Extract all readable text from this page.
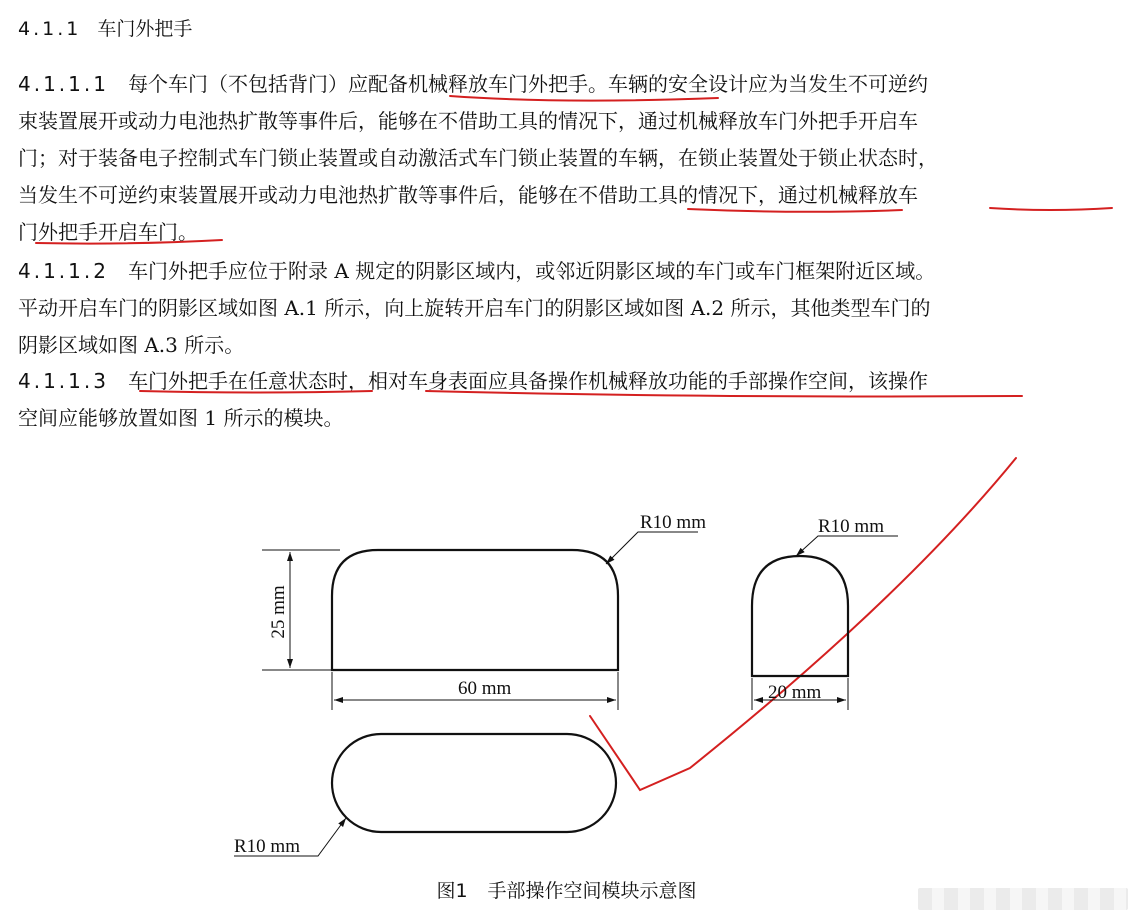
4.1.1 车门外把手
4.1.1.1 每个车门（不包括背门）应配备机械释放车门外把手。车辆的安全设计应为当发生不可逆约
束装置展开或动力电池热扩散等事件后，能够在不借助工具的情况下，通过机械释放车门外把手开启车
门；对于装备电子控制式车门锁止装置或自动激活式车门锁止装置的车辆，在锁止装置处于锁止状态时，
当发生不可逆约束装置展开或动力电池热扩散等事件后，能够在不借助工具的情况下，通过机械释放车
门外把手开启车门。
4.1.1.2 车门外把手应位于附录 A 规定的阴影区域内，或邻近阴影区域的车门或车门框架附近区域。
平动开启车门的阴影区域如图 A.1 所示，向上旋转开启车门的阴影区域如图 A.2 所示，其他类型车门的
阴影区域如图 A.3 所示。
4.1.1.3 车门外把手在任意状态时，相对车身表面应具备操作机械释放功能的手部操作空间，该操作
空间应能够放置如图 1 所示的模块。
R10 mm	R10 mm
60 mm	20 mm
25 mm
R10 mm
图1 手部操作空间模块示意图
